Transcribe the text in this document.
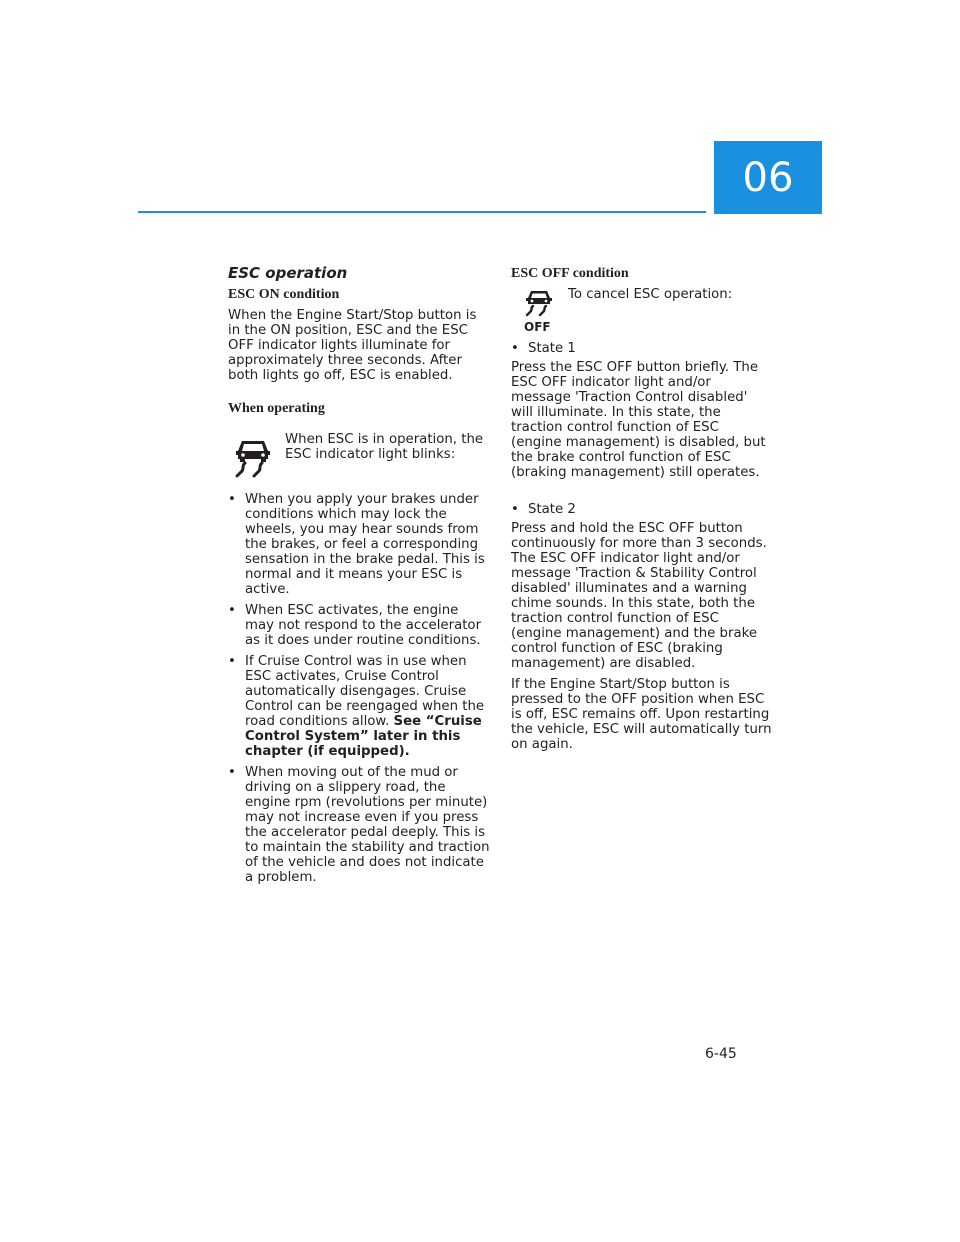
06

ESC operation

ESC ON condition

When the Engine Start/Stop button is in the ON position, ESC and the ESC OFF indicator lights illuminate for approximately three seconds. After both lights go off, ESC is enabled.

When operating

When ESC is in operation, the ESC indicator light blinks:

• When you apply your brakes under conditions which may lock the wheels, you may hear sounds from the brakes, or feel a corresponding sensation in the brake pedal. This is normal and it means your ESC is active.
• When ESC activates, the engine may not respond to the accelerator as it does under routine conditions.
• If Cruise Control was in use when ESC activates, Cruise Control automatically disengages. Cruise Control can be reengaged when the road conditions allow. See “Cruise Control System” later in this chapter (if equipped).
• When moving out of the mud or driving on a slippery road, the engine rpm (revolutions per minute) may not increase even if you press the accelerator pedal deeply. This is to maintain the stability and traction of the vehicle and does not indicate a problem.

ESC OFF condition

OFF

To cancel ESC operation:

• State 1

Press the ESC OFF button briefly. The ESC OFF indicator light and/or message 'Traction Control disabled' will illuminate. In this state, the traction control function of ESC (engine management) is disabled, but the brake control function of ESC (braking management) still operates.

• State 2

Press and hold the ESC OFF button continuously for more than 3 seconds. The ESC OFF indicator light and/or message 'Traction & Stability Control disabled' illuminates and a warning chime sounds. In this state, both the traction control function of ESC (engine management) and the brake control function of ESC (braking management) are disabled.

If the Engine Start/Stop button is pressed to the OFF position when ESC is off, ESC remains off. Upon restarting the vehicle, ESC will automatically turn on again.

6-45
